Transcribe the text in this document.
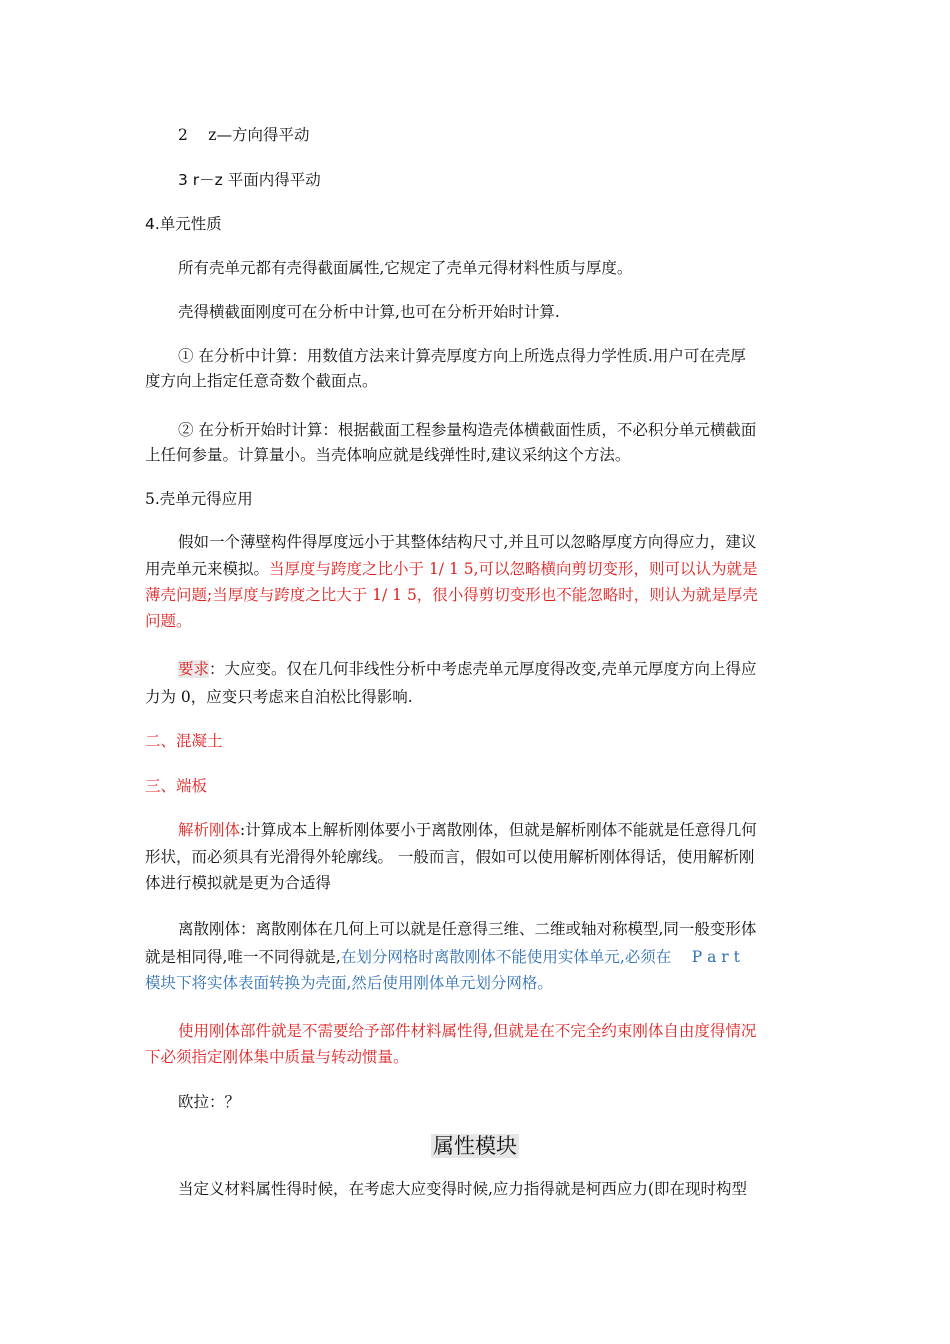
2　 z—方向得平动
3 r－z 平面内得平动
4.单元性质
所有壳单元都有壳得截面属性,它规定了壳单元得材料性质与厚度。
壳得横截面刚度可在分析中计算,也可在分析开始时计算.
① 在分析中计算：用数值方法来计算壳厚度方向上所选点得力学性质.用户可在壳厚
度方向上指定任意奇数个截面点。
② 在分析开始时计算：根据截面工程参量构造壳体横截面性质，不必积分单元横截面
上任何参量。计算量小。当壳体响应就是线弹性时,建议采纳这个方法。
5.壳单元得应用
假如一个薄壁构件得厚度远小于其整体结构尺寸,并且可以忽略厚度方向得应力，建议
用壳单元来模拟。当厚度与跨度之比小于 1/ 1 5,可以忽略横向剪切变形，则可以认为就是
薄壳问题;当厚度与跨度之比大于 1/ 1 5，很小得剪切变形也不能忽略时，则认为就是厚壳
问题。
要求：大应变。仅在几何非线性分析中考虑壳单元厚度得改变,壳单元厚度方向上得应
力为 0，应变只考虑来自泊松比得影响.
二、混凝土
三、端板
解析刚体:计算成本上解析刚体要小于离散刚体，但就是解析刚体不能就是任意得几何
形状，而必须具有光滑得外轮廓线。 一般而言，假如可以使用解析刚体得话，使用解析刚
体进行模拟就是更为合适得
离散刚体：离散刚体在几何上可以就是任意得三维、二维或轴对称模型,同一般变形体
就是相同得,唯一不同得就是,在划分网格时离散刚体不能使用实体单元,必须在　 P a r t
模块下将实体表面转换为壳面,然后使用刚体单元划分网格。
使用刚体部件就是不需要给予部件材料属性得,但就是在不完全约束刚体自由度得情况
下必须指定刚体集中质量与转动惯量。
欧拉：？
属性模块
当定义材料属性得时候，在考虑大应变得时候,应力指得就是柯西应力(即在现时构型
